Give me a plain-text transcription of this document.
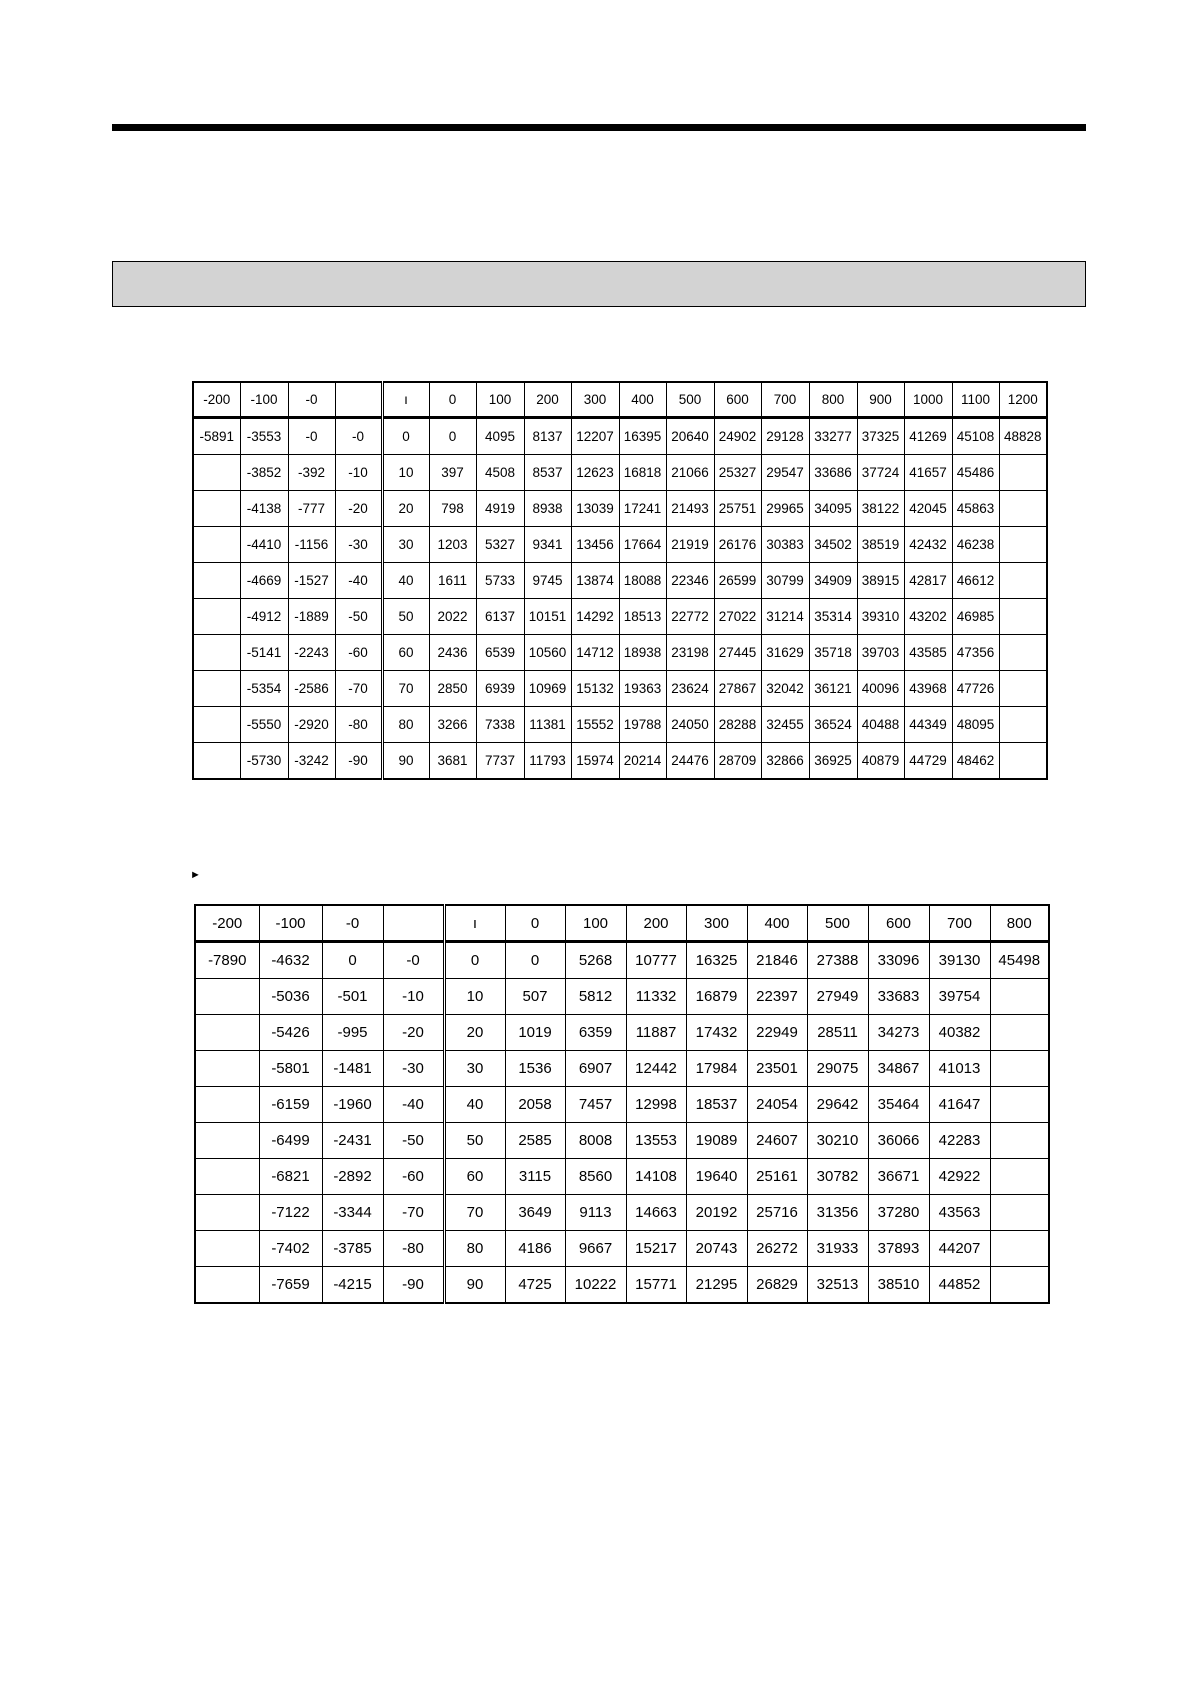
-200	-100	-0		ı	0	100	200	300	400	500	600	700	800	900	1000	1100	1200
-5891	-3553	-0	-0	0	0	4095	8137	12207	16395	20640	24902	29128	33277	37325	41269	45108	48828
	-3852	-392	-10	10	397	4508	8537	12623	16818	21066	25327	29547	33686	37724	41657	45486	
	-4138	-777	-20	20	798	4919	8938	13039	17241	21493	25751	29965	34095	38122	42045	45863	
	-4410	-1156	-30	30	1203	5327	9341	13456	17664	21919	26176	30383	34502	38519	42432	46238	
	-4669	-1527	-40	40	1611	5733	9745	13874	18088	22346	26599	30799	34909	38915	42817	46612	
	-4912	-1889	-50	50	2022	6137	10151	14292	18513	22772	27022	31214	35314	39310	43202	46985	
	-5141	-2243	-60	60	2436	6539	10560	14712	18938	23198	27445	31629	35718	39703	43585	47356	
	-5354	-2586	-70	70	2850	6939	10969	15132	19363	23624	27867	32042	36121	40096	43968	47726	
	-5550	-2920	-80	80	3266	7338	11381	15552	19788	24050	28288	32455	36524	40488	44349	48095	
	-5730	-3242	-90	90	3681	7737	11793	15974	20214	24476	28709	32866	36925	40879	44729	48462	
►
-200	-100	-0		ı	0	100	200	300	400	500	600	700	800
-7890	-4632	0	-0	0	0	5268	10777	16325	21846	27388	33096	39130	45498
	-5036	-501	-10	10	507	5812	11332	16879	22397	27949	33683	39754	
	-5426	-995	-20	20	1019	6359	11887	17432	22949	28511	34273	40382	
	-5801	-1481	-30	30	1536	6907	12442	17984	23501	29075	34867	41013	
	-6159	-1960	-40	40	2058	7457	12998	18537	24054	29642	35464	41647	
	-6499	-2431	-50	50	2585	8008	13553	19089	24607	30210	36066	42283	
	-6821	-2892	-60	60	3115	8560	14108	19640	25161	30782	36671	42922	
	-7122	-3344	-70	70	3649	9113	14663	20192	25716	31356	37280	43563	
	-7402	-3785	-80	80	4186	9667	15217	20743	26272	31933	37893	44207	
	-7659	-4215	-90	90	4725	10222	15771	21295	26829	32513	38510	44852	
